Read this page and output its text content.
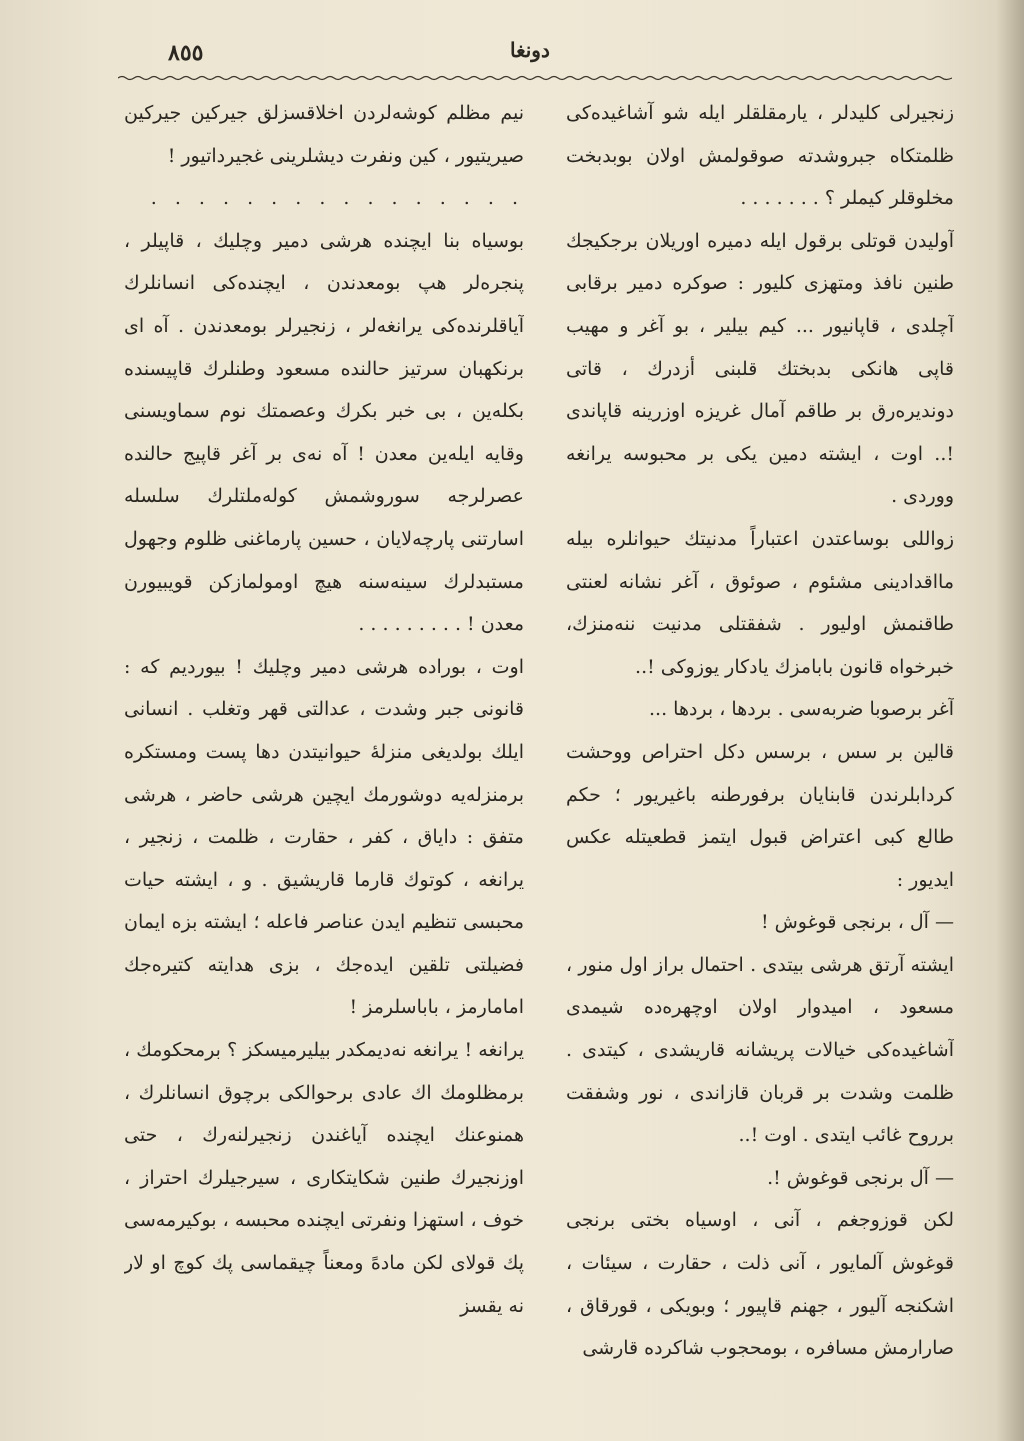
٨٥٥	دونغا

زنجیرلی کلیدلر ، یارمقلقلر ایله شو آشاغیده‌کی ظلمتکاه جبروشدته صوقولمش اولان بوبدبخت مخلوقلر کیملر ؟ . . . . . . .

آولیدن قوتلی برقول ایله دمیره اوریلان برجکیجك طنین نافذ ومتهزی کلیور : صوکره دمیر برقابی آچلدی ، قاپانیور ... کیم بیلیر ، بو آغر و مهیب قاپی هانکی بدبختك قلبنی أزدرك ، قاتی دوندیره‌رق بر طاقم آمال غریزه اوزرینه قاپاندی !.. اوت ، ایشته دمین یکی بر محبوسه یرانغه ووردی .

زواللی بوساعتدن اعتباراً مدنیتك حیوانلره بیله مااقدادینی مشئوم ، صوئوق ، آغر نشانه لعنتی طاقنمش اولیور . شفقتلی مدنیت ننه‌منزك، خبرخواه قانون بابامزك یادکار یوزوکی !..

آغر برصوبا ضربه‌سی . بردها ، بردها ...

قالین بر سس ، برسس دکل احتراص ووحشت کردابلرندن قابنایان برفورطنه باغیریور ؛ حکم طالع کبی اعتراض قبول ایتمز قطعیتله عکس ایدیور :

— آل ، برنجی قوغوش !

ایشته آرتق هرشی بیتدی . احتمال براز اول منور ، مسعود ، امیدوار اولان اوچهره‌ده شیمدی آشاغیده‌کی خیالات پریشانه قاریشدی ، کیتدی . ظلمت وشدت بر قربان قازاندی ، نور وشفقت برروح غائب ایتدی . اوت !..

— آل برنجی قوغوش !.

لکن قوزوجغم ، آنی ، اوسیاه بختی برنجی قوغوش آلمایور ، آنی ذلت ، حقارت ، سیئات ، اشکنجه آلیور ، جهنم قاپیور ؛ وبویکی ، قورقاق ، صارارمش مسافره ، بومحجوب شاکرده قارشی

نیم مظلم کوشه‌لردن اخلاقسزلق جیرکین جیرکین صیریتیور ، کین ونفرت دیشلرینی غجیرداتیور !

. . . . . . . . . . . . . . . .

بوسیاه بنا ایچنده هرشی دمیر وچلیك ، قاپیلر ، پنجره‌لر هپ بومعدندن ، ایچنده‌کی انسانلرك آیاقلرنده‌کی یرانغه‌لر ، زنجیرلر بومعدندن . آه ای برنکهبان سرتیز حالنده مسعود وطنلرك قاپیسنده بکله‌ین ، بی خبر بکرك وعصمتك نوم سماویسنی وقایه ایله‌ین معدن ! آه نه‌ی بر آغر قاپیج حالنده عصرلرجه سوروشمش کوله‌ملتلرك سلسله اسارتنی پارچه‌لایان ، حسین پارماغنی ظلوم وجهول مستبدلرك سینه‌سنه هیچ اومولمازکن قویبیورن معدن ! . . . . . . . . .

اوت ، بوراده هرشی دمیر وچلیك ! بیوردیم که : قانونی جبر وشدت ، عدالتی قهر وتغلب . انسانی ایلك بولدیغی منزلهٔ حیوانیتدن دها پست ومستکره برمنزله‌یه دوشورمك ایچین هرشی حاضر ، هرشی متفق : دایاق ، کفر ، حقارت ، ظلمت ، زنجیر ، یرانغه ، کوتوك قارما قاریشیق . و ، ایشته حیات محبسی تنظیم ایدن عناصر فاعله ؛ ایشته بزه ایمان فضیلتی تلقین ایده‌جك ، بزی هدایته کتیره‌جك امامارمز ، باباسلرمز !

یرانغه ! یرانغه نه‌دیمکدر بیلیرمیسکز ؟ برمحکومك ، برمظلومك اك عادی برحوالکی برچوق انسانلرك ، همنوعنك ایچنده آیاغندن زنجیرلنه‌رك ، حتی اوزنجیرك طنین شکایتکاری ، سیرجیلرك احتراز ، خوف ، استهزا ونفرتی ایچنده محبسه ، بوکیرمه‌سی پك قولای لکن مادهً ومعناً چیقماسی پك کوچ او لار نه یقسز
